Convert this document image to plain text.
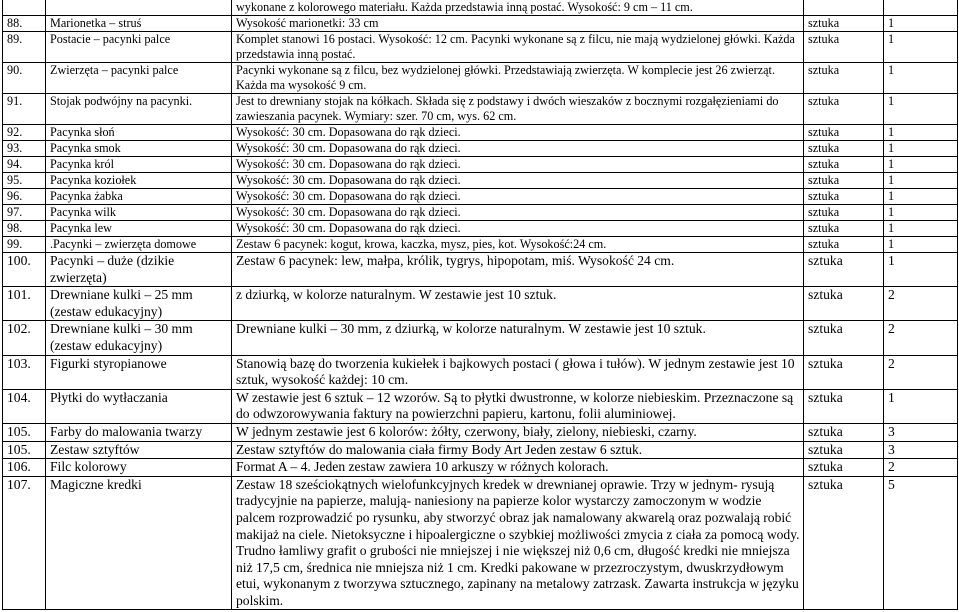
		wykonane z kolorowego materiału. Każda przedstawia inną postać. Wysokość: 9 cm – 11 cm.		
88.	Marionetka – struś	Wysokość marionetki: 33 cm	sztuka	1
89.	Postacie – pacynki palce	Komplet stanowi 16 postaci. Wysokość: 12 cm. Pacynki wykonane są z filcu, nie mają wydzielonej główki. Każda przedstawia inną postać.	sztuka	1
90.	Zwierzęta – pacynki palce	Pacynki wykonane są z filcu, bez wydzielonej główki. Przedstawiają zwierzęta. W komplecie jest 26 zwierząt. Każda ma wysokość 9 cm.	sztuka	1
91.	Stojak podwójny na pacynki.	Jest to drewniany stojak na kółkach. Składa się z podstawy i dwóch wieszaków z bocznymi rozgałęzieniami do zawieszania pacynek. Wymiary: szer. 70 cm, wys. 62 cm.	sztuka	1
92.	Pacynka słoń	Wysokość: 30 cm. Dopasowana do rąk dzieci.	sztuka	1
93.	Pacynka smok	Wysokość: 30 cm. Dopasowana do rąk dzieci.	sztuka	1
94.	Pacynka król	Wysokość: 30 cm. Dopasowana do rąk dzieci.	sztuka	1
95.	Pacynka koziołek	Wysokość: 30 cm. Dopasowana do rąk dzieci.	sztuka	1
96.	Pacynka żabka	Wysokość: 30 cm. Dopasowana do rąk dzieci.	sztuka	1
97.	Pacynka wilk	Wysokość: 30 cm. Dopasowana do rąk dzieci.	sztuka	1
98.	Pacynka lew	Wysokość: 30 cm. Dopasowana do rąk dzieci.	sztuka	1
99.	.Pacynki – zwierzęta domowe	Zestaw 6 pacynek: kogut, krowa, kaczka, mysz, pies, kot. Wysokość:24 cm.	sztuka	1
100.	Pacynki – duże (dzikie zwierzęta)	Zestaw 6 pacynek: lew, małpa, królik, tygrys, hipopotam, miś. Wysokość 24 cm.	sztuka	1
101.	Drewniane kulki – 25 mm (zestaw edukacyjny)	z dziurką, w kolorze naturalnym. W zestawie jest 10 sztuk.	sztuka	2
102.	Drewniane kulki – 30 mm (zestaw edukacyjny)	Drewniane kulki – 30 mm, z dziurką, w kolorze naturalnym. W zestawie jest 10 sztuk.	sztuka	2
103.	Figurki styropianowe	Stanowią bazę do tworzenia kukiełek i bajkowych postaci ( głowa i tułów). W jednym zestawie jest 10 sztuk, wysokość każdej: 10 cm.	sztuka	2
104.	Płytki do wytłaczania	W zestawie jest 6 sztuk – 12 wzorów. Są to płytki dwustronne, w kolorze niebieskim. Przeznaczone są do odwzorowywania faktury na powierzchni papieru, kartonu, folii aluminiowej.	sztuka	1
105.	Farby do malowania twarzy	W jednym zestawie jest 6 kolorów: żółty, czerwony, biały, zielony, niebieski, czarny.	sztuka	3
105.	Zestaw sztyftów	Zestaw sztyftów do malowania ciała firmy Body Art Jeden zestaw 6 sztuk.	sztuka	3
106.	Filc kolorowy	Format A – 4. Jeden zestaw zawiera 10 arkuszy w różnych kolorach.	sztuka	2
107.	Magiczne kredki	Zestaw 18 sześciokątnych wielofunkcyjnych kredek w drewnianej oprawie. Trzy w jednym- rysują tradycyjnie na papierze, malują- naniesiony na papierze kolor wystarczy zamoczonym w wodzie palcem rozprowadzić po rysunku, aby stworzyć obraz jak namalowany akwarelą oraz pozwalają robić makijaż na ciele. Nietoksyczne i hipoalergiczne o szybkiej możliwości zmycia z ciała za pomocą wody. Trudno łamliwy grafit o grubości nie mniejszej i nie większej niż 0,6 cm, długość kredki nie mniejsza niż 17,5 cm, średnica nie mniejsza niż 1 cm. Kredki pakowane w przezroczystym, dwuskrzydłowym etui, wykonanym z tworzywa sztucznego, zapinany na metalowy zatrzask. Zawarta instrukcja w języku polskim.	sztuka	5
